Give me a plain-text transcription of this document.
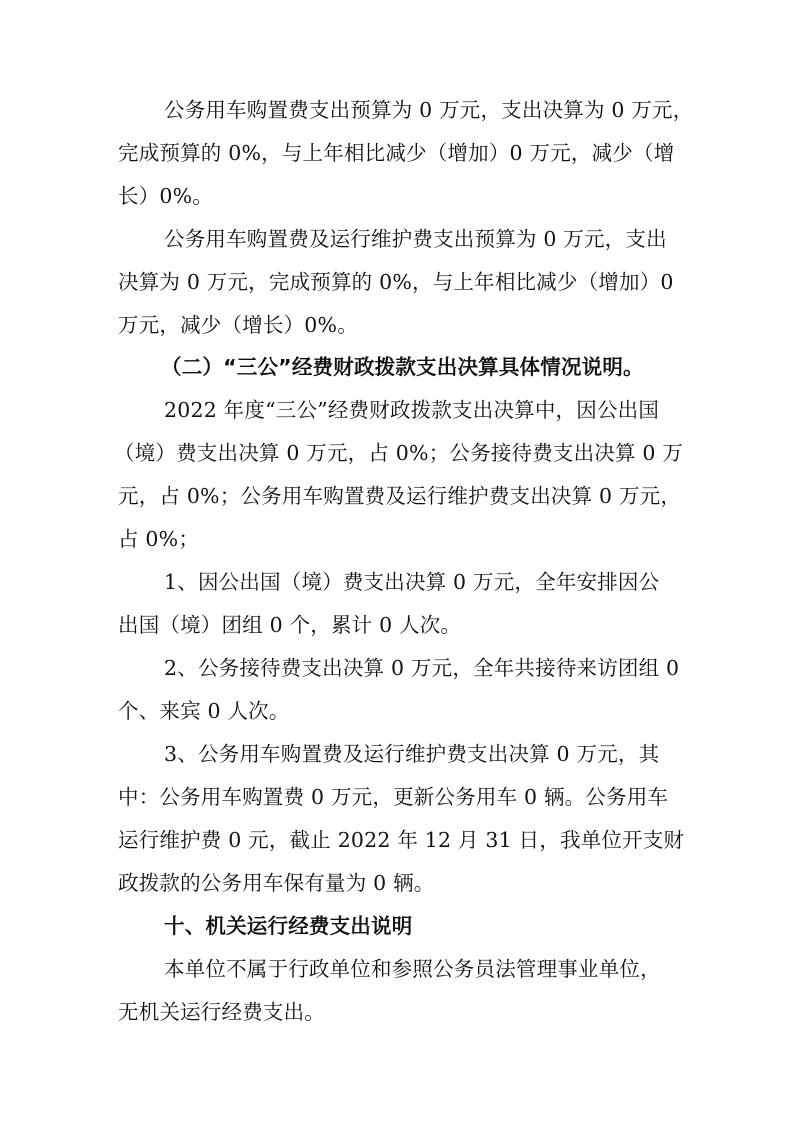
公务用车购置费支出预算为 0 万元，支出决算为 0 万元，
完成预算的 0%，与上年相比减少（增加）0 万元，减少（增
长）0%。
公务用车购置费及运行维护费支出预算为 0 万元，支出
决算为 0 万元，完成预算的 0%，与上年相比减少（增加）0
万元，减少（增长）0%。
（二）“三公”经费财政拨款支出决算具体情况说明。
2022 年度“三公”经费财政拨款支出决算中，因公出国
（境）费支出决算 0 万元，占 0%；公务接待费支出决算 0 万
元，占 0%；公务用车购置费及运行维护费支出决算 0 万元，
占 0%；
1、因公出国（境）费支出决算 0 万元，全年安排因公
出国（境）团组 0 个，累计 0 人次。
2、公务接待费支出决算 0 万元，全年共接待来访团组 0
个、来宾 0 人次。
3、公务用车购置费及运行维护费支出决算 0 万元，其
中：公务用车购置费 0 万元，更新公务用车 0 辆。公务用车
运行维护费 0 元，截止 2022 年 12 月 31 日，我单位开支财
政拨款的公务用车保有量为 0 辆。
十、机关运行经费支出说明
本单位不属于行政单位和参照公务员法管理事业单位，
无机关运行经费支出。
